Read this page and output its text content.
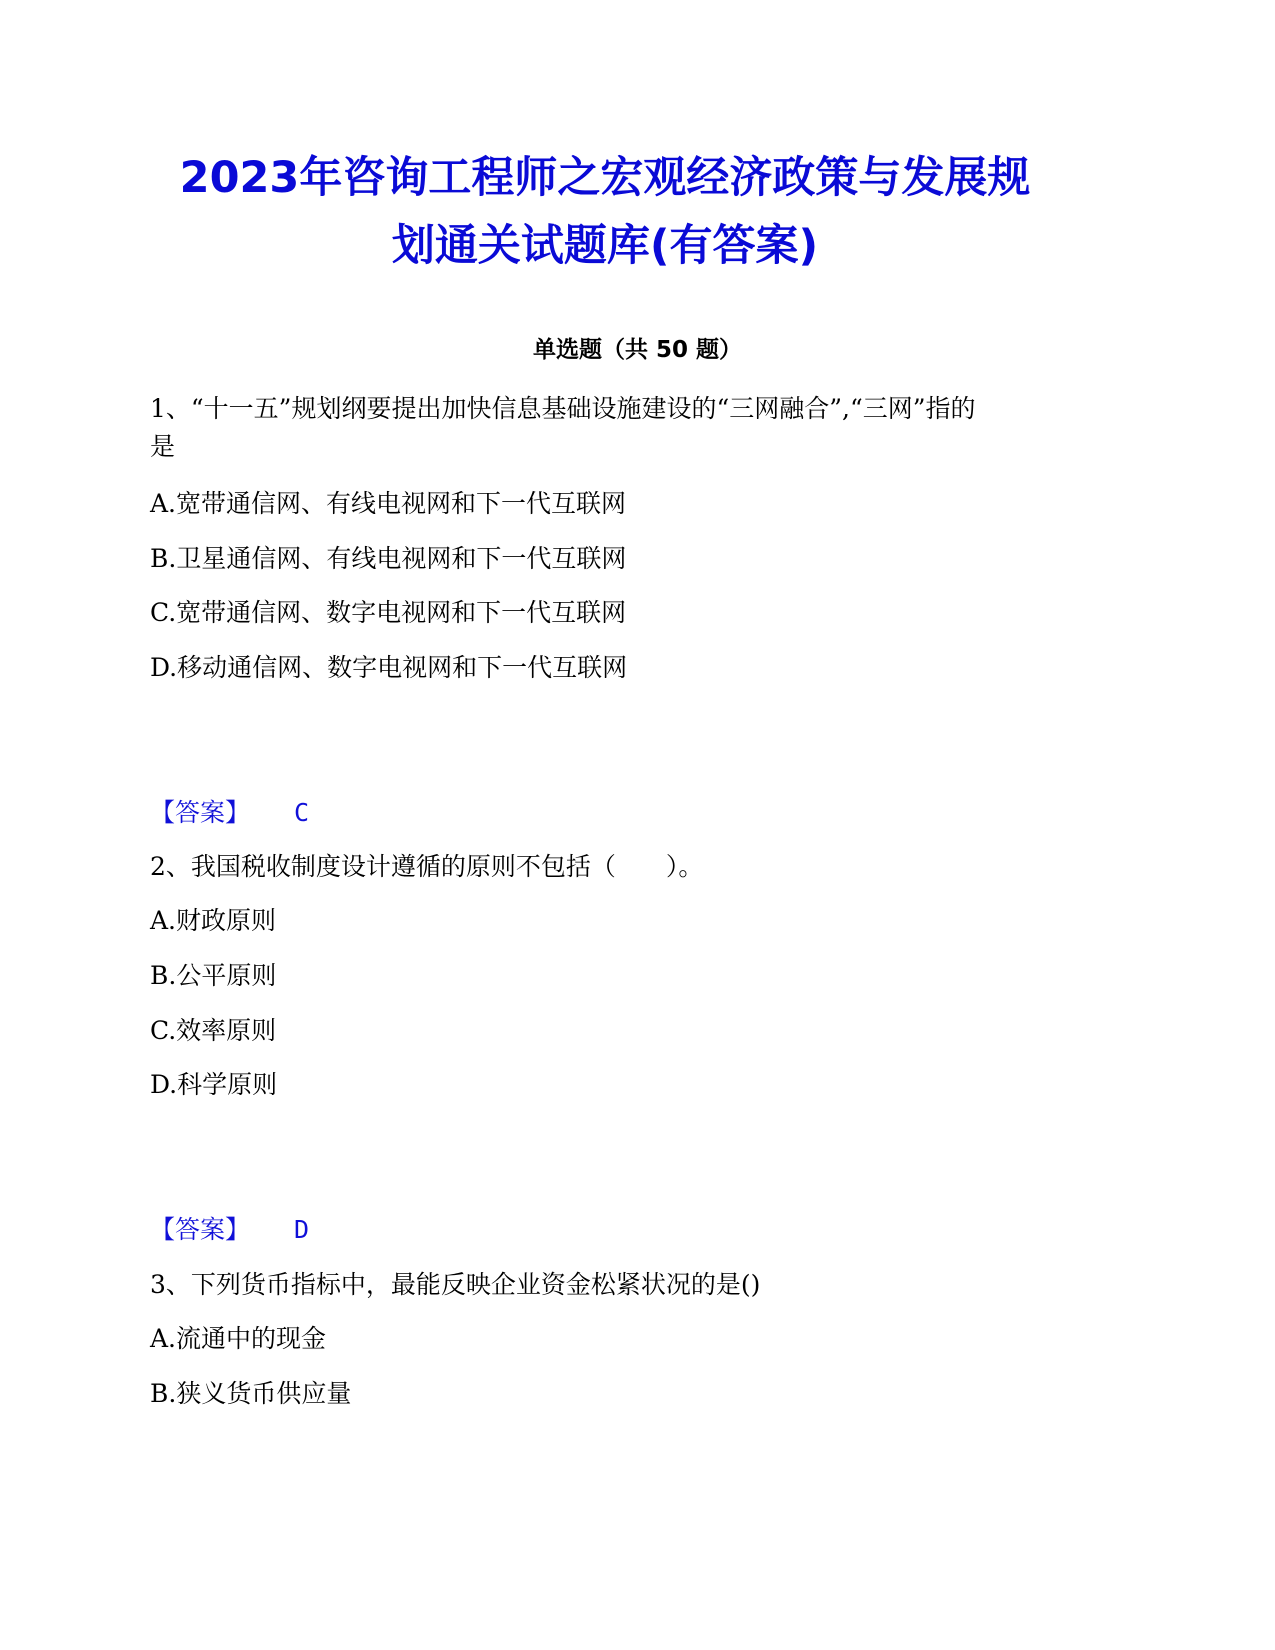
2023年咨询工程师之宏观经济政策与发展规
划通关试题库(有答案)
单选题（共 50 题）
1、“十一五”规划纲要提出加快信息基础设施建设的“三网融合”,“三网”指的
是
A.宽带通信网、有线电视网和下一代互联网
B.卫星通信网、有线电视网和下一代互联网
C.宽带通信网、数字电视网和下一代互联网
D.移动通信网、数字电视网和下一代互联网
【答案】 C
2、我国税收制度设计遵循的原则不包括（　　）。
A.财政原则
B.公平原则
C.效率原则
D.科学原则
【答案】 D
3、下列货币指标中，最能反映企业资金松紧状况的是()
A.流通中的现金
B.狭义货币供应量
